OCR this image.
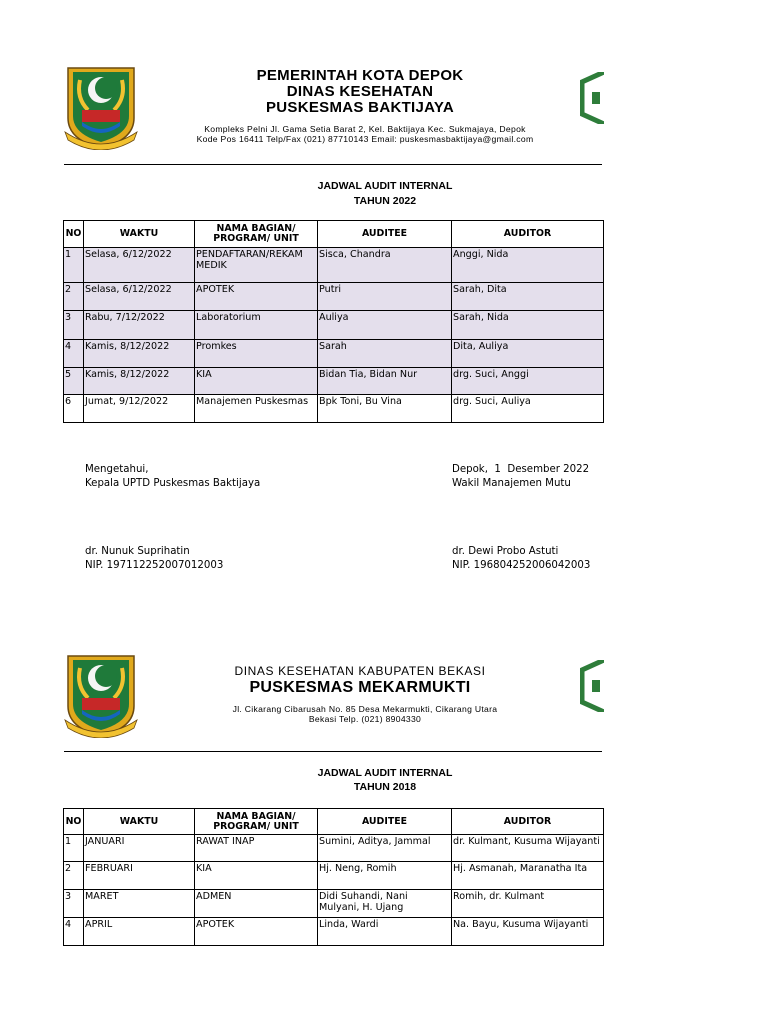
PEMERINTAH KOTA DEPOK
DINAS KESEHATAN
PUSKESMAS BAKTIJAYA
Kompleks Pelni Jl. Gama Setia Barat 2, Kel. Baktijaya Kec. Sukmajaya, Depok
Kode Pos 16411 Telp/Fax (021) 87710143 Email: puskesmasbaktijaya@gmail.com
JADWAL AUDIT INTERNAL
TAHUN 2022
NO	WAKTU	NAMA BAGIAN/ PROGRAM/ UNIT	AUDITEE	AUDITOR
1	Selasa, 6/12/2022	PENDAFTARAN/REKAM MEDIK	Sisca, Chandra	Anggi, Nida
2	Selasa, 6/12/2022	APOTEK	Putri	Sarah, Dita
3	Rabu, 7/12/2022	Laboratorium	Auliya	Sarah, Nida
4	Kamis, 8/12/2022	Promkes	Sarah	Dita, Auliya
5	Kamis, 8/12/2022	KIA	Bidan Tia, Bidan Nur	drg. Suci, Anggi
6	Jumat, 9/12/2022	Manajemen Puskesmas	Bpk Toni, Bu Vina	drg. Suci, Auliya
Mengetahui,
Kepala UPTD Puskesmas Baktijaya
dr. Nunuk Suprihatin
NIP. 197112252007012003
Depok,  1  Desember 2022
Wakil Manajemen Mutu
dr. Dewi Probo Astuti
NIP. 196804252006042003
DINAS KESEHATAN KABUPATEN BEKASI
PUSKESMAS MEKARMUKTI
Jl. Cikarang Cibarusah No. 85 Desa Mekarmukti, Cikarang Utara
Bekasi Telp. (021) 8904330
JADWAL AUDIT INTERNAL
TAHUN 2018
NO	WAKTU	NAMA BAGIAN/ PROGRAM/ UNIT	AUDITEE	AUDITOR
1	JANUARI	RAWAT INAP	Sumini, Aditya, Jammal	dr. Kulmant, Kusuma Wijayanti
2	FEBRUARI	KIA	Hj. Neng, Romih	Hj. Asmanah, Maranatha Ita
3	MARET	ADMEN	Didi Suhandi, Nani Mulyani, H. Ujang	Romih, dr. Kulmant
4	APRIL	APOTEK	Linda, Wardi	Na. Bayu, Kusuma Wijayanti
